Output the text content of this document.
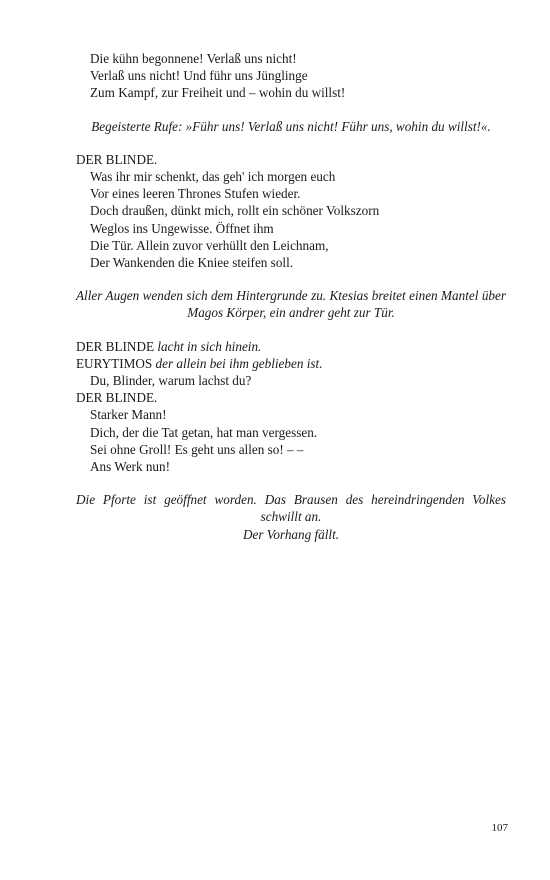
Die kühn begonnene! Verlaß uns nicht!
Verlaß uns nicht! Und führ uns Jünglinge
Zum Kampf, zur Freiheit und – wohin du willst!
Begeisterte Rufe: »Führ uns! Verlaß uns nicht! Führ uns, wohin du willst!«.
DER BLINDE.
Was ihr mir schenkt, das geh' ich morgen euch
Vor eines leeren Thrones Stufen wieder.
Doch draußen, dünkt mich, rollt ein schöner Volkszorn
Weglos ins Ungewisse. Öffnet ihm
Die Tür. Allein zuvor verhüllt den Leichnam,
Der Wankenden die Kniee steifen soll.
Aller Augen wenden sich dem Hintergrunde zu. Ktesias breitet einen Mantel über Magos Körper, ein andrer geht zur Tür.
DER BLINDE lacht in sich hinein.
EURYTIMOS der allein bei ihm geblieben ist.
Du, Blinder, warum lachst du?
DER BLINDE.
Starker Mann!
Dich, der die Tat getan, hat man vergessen.
Sei ohne Groll! Es geht uns allen so! – –
Ans Werk nun!
Die Pforte ist geöffnet worden. Das Brausen des hereindringenden Volkes schwillt an.
Der Vorhang fällt.
107
